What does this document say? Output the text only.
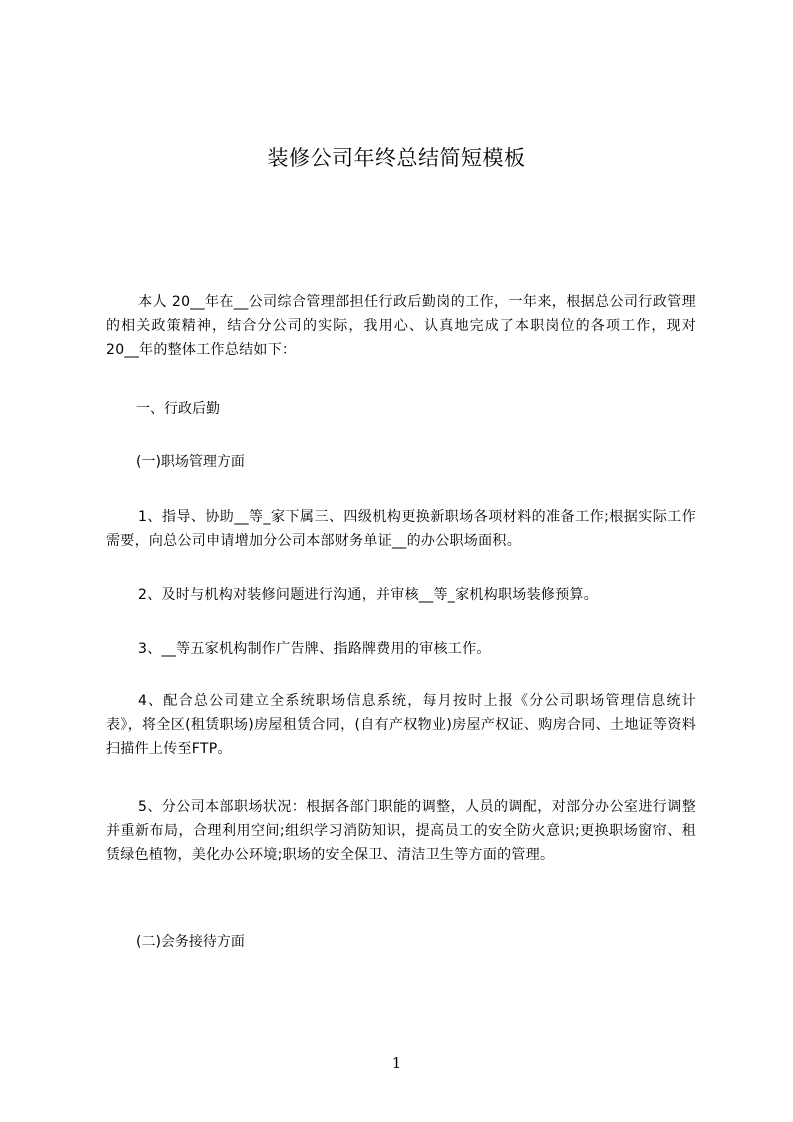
装修公司年终总结简短模板
本人 20__年在__公司综合管理部担任行政后勤岗的工作，一年来，根据总公司行政管理的相关政策精神，结合分公司的实际，我用心、认真地完成了本职岗位的各项工作，现对 20__年的整体工作总结如下：
一、行政后勤
(一)职场管理方面
1、指导、协助__等_家下属三、四级机构更换新职场各项材料的准备工作;根据实际工作需要，向总公司申请增加分公司本部财务单证__的办公职场面积。
2、及时与机构对装修问题进行沟通，并审核__等_家机构职场装修预算。
3、__等五家机构制作广告牌、指路牌费用的审核工作。
4、配合总公司建立全系统职场信息系统，每月按时上报《分公司职场管理信息统计表》，将全区(租赁职场)房屋租赁合同，(自有产权物业)房屋产权证、购房合同、土地证等资料扫描件上传至FTP。
5、分公司本部职场状况：根据各部门职能的调整，人员的调配，对部分办公室进行调整并重新布局，合理利用空间;组织学习消防知识，提高员工的安全防火意识;更换职场窗帘、租赁绿色植物，美化办公环境;职场的安全保卫、清洁卫生等方面的管理。
(二)会务接待方面
1
